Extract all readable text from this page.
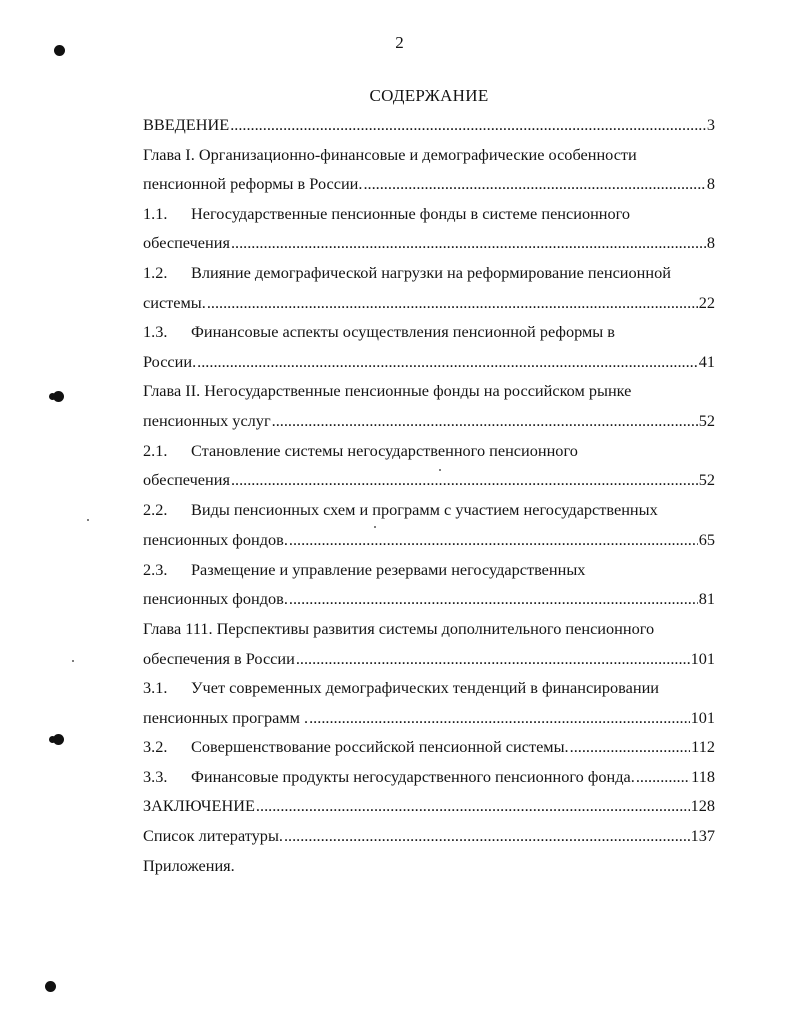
2
СОДЕРЖАНИЕ
ВВЕДЕНИЕ .....	3
Глава I. Организационно-финансовые и демографические особенности
пенсионной реформы в России. .....	8
1.1. Негосударственные пенсионные фонды в системе пенсионного
обеспечения .....	8
1.2. Влияние демографической нагрузки на реформирование пенсионной
системы. .....	22
1.3. Финансовые аспекты осуществления пенсионной реформы в
России. .....	41
Глава II. Негосударственные пенсионные фонды на российском рынке
пенсионных услуг .....	52
2.1. Становление системы негосударственного пенсионного
обеспечения .....	52
2.2. Виды пенсионных схем и программ с участием негосударственных
пенсионных фондов. .....	65
2.3. Размещение и управление резервами негосударственных
пенсионных фондов. .....	81
Глава 111. Перспективы развития системы дополнительного пенсионного
обеспечения в России .....	101
3.1. Учет современных демографических тенденций в финансировании
пенсионных программ . .....	101
3.2.	Совершенствование российской пенсионной системы. .....	112
3.3.	Финансовые продукты негосударственного пенсионного фонда. .....	118
ЗАКЛЮЧЕНИЕ .....	128
Список литературы. .....	137
Приложения.
